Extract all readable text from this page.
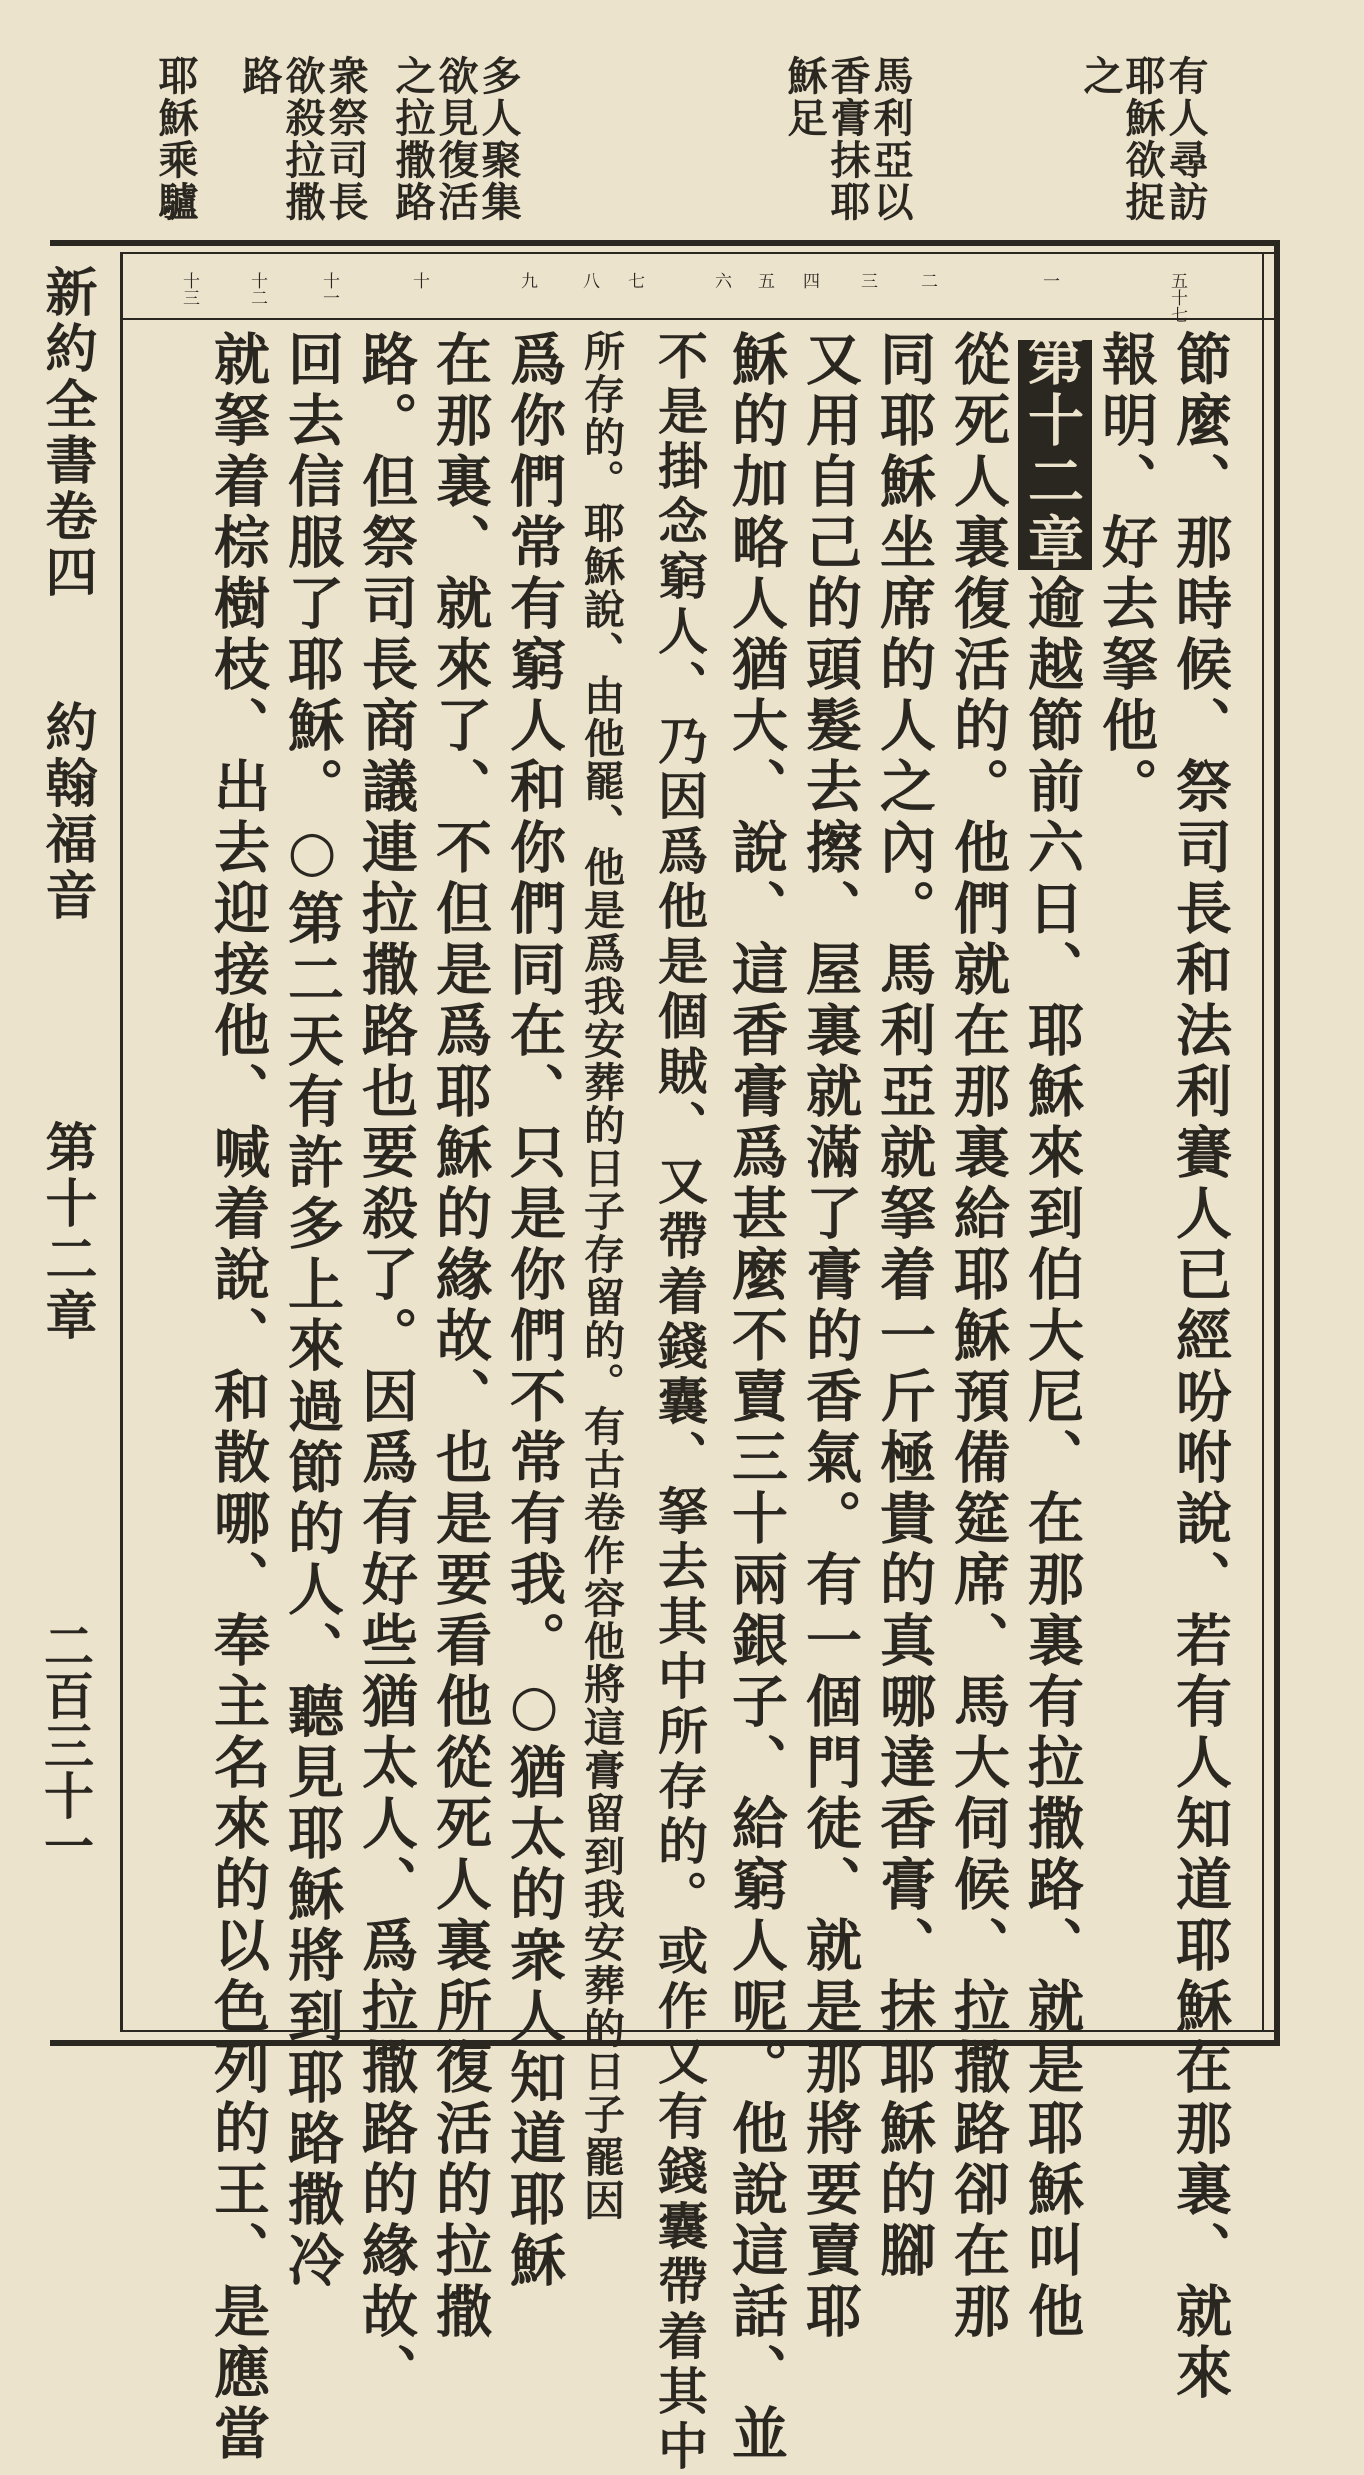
有人尋訪
耶穌欲捉
之
馬利亞以
香膏抹耶
穌足
多人聚集
欲見復活
之拉撒路
衆祭司長
欲殺拉撒
路
耶穌乘驢
五十七
一
二
三
四
五
六
七
八
九
十
十一
十二
十三
節麼、那時候、祭司長和法利賽人已經吩咐說、若有人知道耶穌在那裏、就來
報明、好去拏他。
第十二章逾越節前六日、耶穌來到伯大尼、在那裏有拉撒路、就是耶穌叫他
從死人裏復活的。他們就在那裏給耶穌預備筵席、馬大伺候、拉撒路卻在那
同耶穌坐席的人之內。馬利亞就拏着一斤極貴的真哪達香膏、抹耶穌的腳
又用自己的頭髮去擦、屋裏就滿了膏的香氣。有一個門徒、就是那將要賣耶
穌的加略人猶大、說、這香膏爲甚麼不賣三十兩銀子、給窮人呢。他說這話、並
不是掛念窮人、乃因爲他是個賊、又帶着錢囊、拏去其中所存的。或作又有錢囊帶着其中
所存的。耶穌說、由他罷、他是爲我安葬的日子存留的。有古卷作容他將這膏留到我安葬的日子罷因
爲你們常有窮人和你們同在、只是你們不常有我。○猶太的衆人知道耶穌
在那裏、就來了、不但是爲耶穌的緣故、也是要看他從死人裏所復活的拉撒
路。但祭司長商議連拉撒路也要殺了。因爲有好些猶太人、爲拉撒路的緣故、
回去信服了耶穌。○第二天有許多上來過節的人、聽見耶穌將到耶路撒冷
就拏着棕樹枝、出去迎接他、喊着說、和散哪、奉主名來的以色列的王、是應當
新約全書卷四
約翰福音
第十二章
二百三十一
